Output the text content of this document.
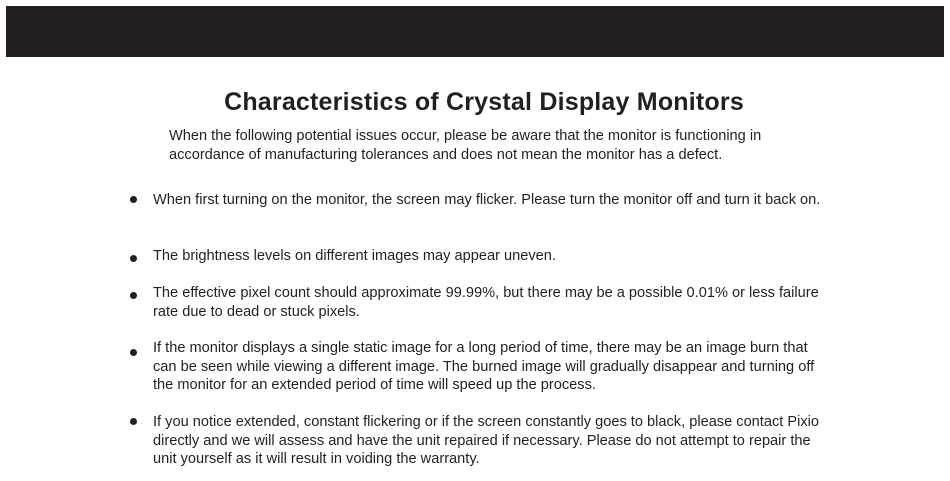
Characteristics of Crystal Display Monitors

When the following potential issues occur, please be aware that the monitor is functioning in accordance of manufacturing tolerances and does not mean the monitor has a defect.

When first turning on the monitor, the screen may flicker. Please turn the monitor off and turn it back on.
The brightness levels on different images may appear uneven.
The effective pixel count should approximate 99.99%, but there may be a possible 0.01% or less failure rate due to dead or stuck pixels.
If the monitor displays a single static image for a long period of time, there may be an image burn that can be seen while viewing a different image. The burned image will gradually disappear and turning off the monitor for an extended period of time will speed up the process.
If you notice extended, constant flickering or if the screen constantly goes to black, please contact Pixio directly and we will assess and have the unit repaired if necessary. Please do not attempt to repair the unit yourself as it will result in voiding the warranty.
